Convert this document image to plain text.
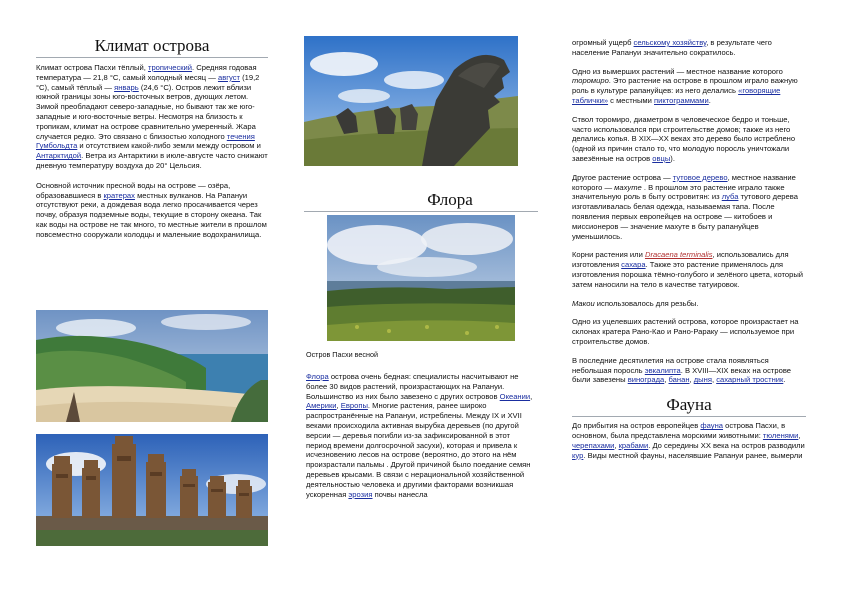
Климат острова

Климат острова Пасхи тёплый, тропический. Средняя годовая температура — 21,8 °C, самый холодный месяц — август (19,2 °C), самый тёплый — январь (24,6 °C). Остров лежит вблизи южной границы зоны юго-восточных ветров, дующих летом. Зимой преобладают северо-западные, но бывают так же юго-западные и юго-восточные ветры. Несмотря на близость к тропикам, климат на острове сравнительно умеренный. Жара случается редко. Это связано с близостью холодного течения Гумбольдта и отсутствием какой-либо земли между островом и Антарктидой. Ветра из Антарктики в июле-августе часто снижают дневную температуру воздуха до 20° Цельсия.

Основной источник пресной воды на острове — озёра, образовавшиеся в кратерах местных вулканов. На Рапануи отсутствуют реки, а дождевая вода легко просачивается через почву, образуя подземные воды, текущие в сторону океана. Так как воды на острове не так много, то местные жители в прошлом повсеместно сооружали колодцы и маленькие водохранилища.

Флора

Остров Пасхи весной

Флора острова очень бедная: специалисты насчитывают не более 30 видов растений, произрастающих на Рапануи. Большинство из них было завезено с других островов Океании, Америки, Европы. Многие растения, ранее широко распространённые на Рапануи, истреблены. Между IX и XVII веками происходила активная вырубка деревьев (по другой версии — деревья погибли из-за зафиксированной в этот период времени долгосрочной засухи), которая и привела к исчезновению лесов на острове (вероятно, до этого на нём произрастали пальмы . Другой причиной было поедание семян деревьев крысами. В связи с нерациональной хозяйственной деятельностью человека и другими факторами возникшая ускоренная эрозия почвы нанесла

огромный ущерб сельскому хозяйству, в результате чего население Рапануи значительно сократилось.

Одно из вымерших растений — местное название которого торомиро. Это растение на острове в прошлом играло важную роль в культуре рапануйцев: из него делались «говорящие таблички» с местными пиктограммами.

Ствол торомиро, диаметром в человеческое бедро и тоньше, часто использовался при строительстве домов; также из него делались копья. В XIX—XX веках это дерево было истреблено (одной из причин стало то, что молодую поросль уничтожали завезённые на остров овцы).

Другое растение острова — тутовое дерево, местное название которого — махуте . В прошлом это растение играло также значительную роль в быту островитян: из луба тутового дерева изготавливалась белая одежда, называемая тапа. После появления первых европейцев на острове — китобоев и миссионеров — значение махуте в быту рапануйцев уменьшилось.

Корни растения или Dracaena terminalis, использовались для изготовления сахара. Также это растение применялось для изготовления порошка тёмно-голубого и зелёного цвета, который затем наносили на тело в качестве татуировок.

Макои использовалось для резьбы.

Одно из уцелевших растений острова, которое произрастает на склонах кратера Рано-Као и Рано-Рараку — используемое при строительстве домов.

В последние десятилетия на острове стала появляться небольшая поросль эвкалипта. В XVIII—XIX веках на острове были завезены винограда, банан, дыня, сахарный тростник.

Фауна

До прибытия на остров европейцев фауна острова Пасхи, в основном, была представлена морскими животными: тюленями, черепахами, крабами. До середины XX века на остров разводили кур. Виды местной фауны, населявшие Рапануи ранее, вымерли
